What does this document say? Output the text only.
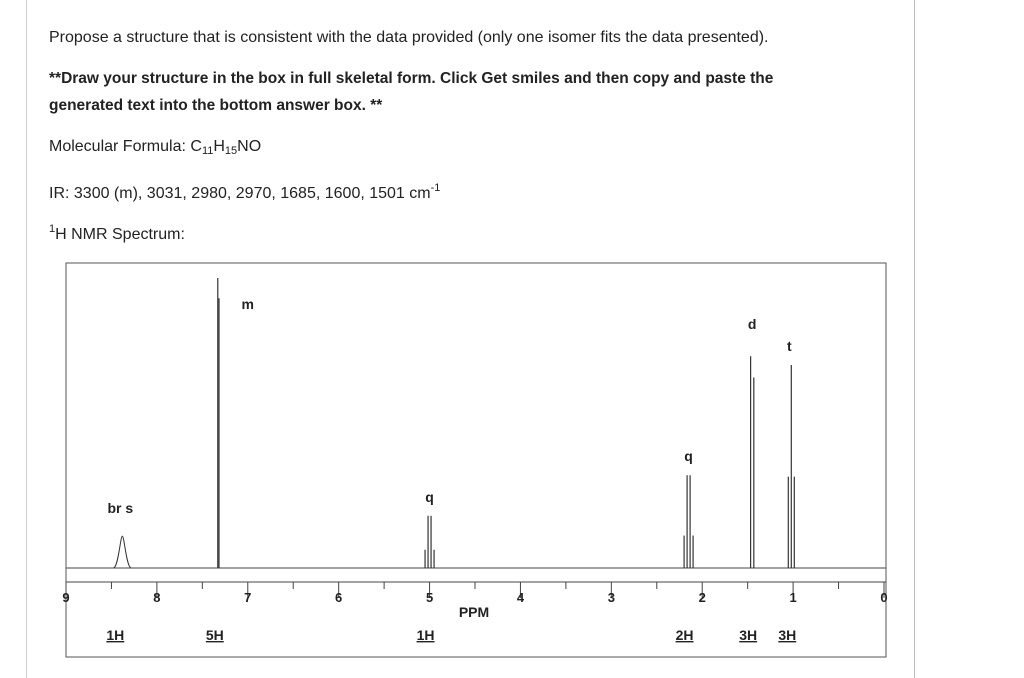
Propose a structure that is consistent with the data provided (only one isomer fits the data presented).
**Draw your structure in the box in full skeletal form. Click Get smiles and then copy and paste the
generated text into the bottom answer box. **
Molecular Formula: $C_{11}H_{15}NO$
IR: 3300 (m), 3031, 2980, 2970, 1685, 1600, 1501 $cm^{-1}$
$^1$H NMR Spectrum:
9	8	7	6	5	4	3	2	1	0
PPM
br s
1H
m
5H
q
1H
q
2H
d
3H
t
3H
